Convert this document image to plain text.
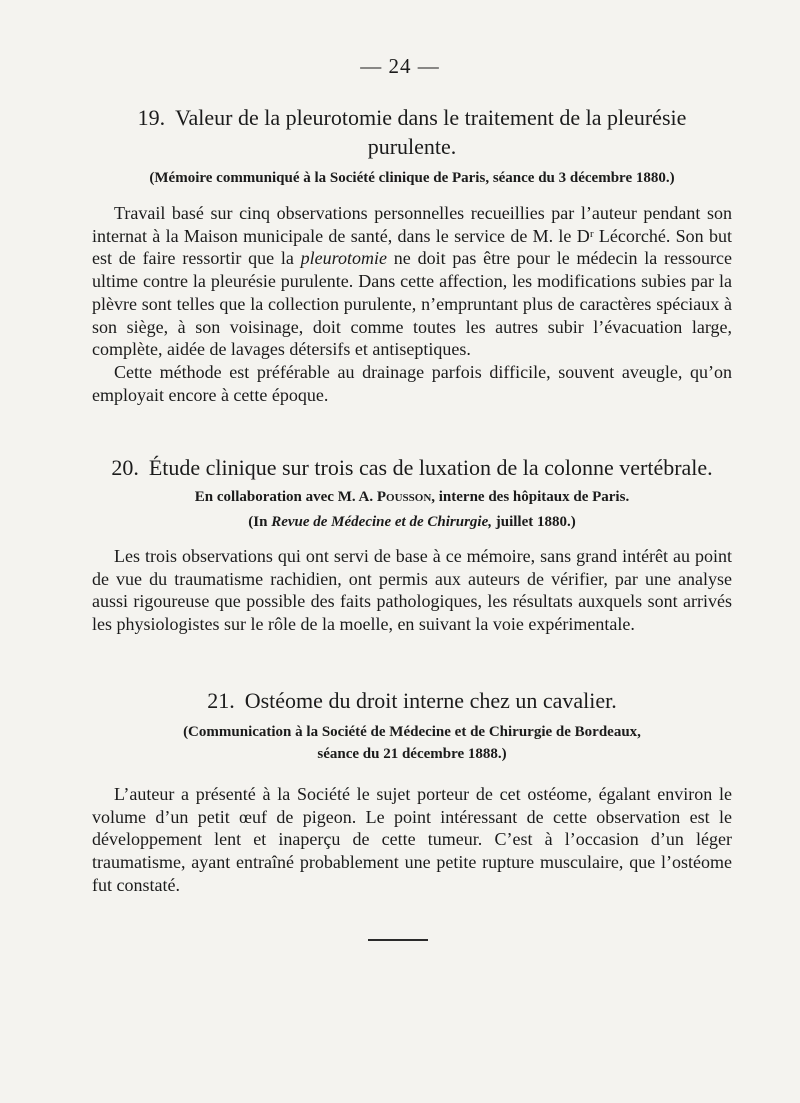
— 24 —
19. Valeur de la pleurotomie dans le traitement de la pleurésie purulente.

(Mémoire communiqué à la Société clinique de Paris, séance du 3 décembre 1880.)

Travail basé sur cinq observations personnelles recueillies par l’auteur pendant son internat à la Maison municipale de santé, dans le service de M. le Dʳ Lécorché. Son but est de faire ressortir que la pleurotomie ne doit pas être pour le médecin la ressource ultime contre la pleurésie purulente. Dans cette affection, les modifications subies par la plèvre sont telles que la collection purulente, n’empruntant plus de caractères spéciaux à son siège, à son voisinage, doit comme toutes les autres subir l’évacuation large, complète, aidée de lavages détersifs et antiseptiques.

Cette méthode est préférable au drainage parfois difficile, souvent aveugle, qu’on employait encore à cette époque.

20. Étude clinique sur trois cas de luxation de la colonne vertébrale.

En collaboration avec M. A. Pousson, interne des hôpitaux de Paris.

(In Revue de Médecine et de Chirurgie, juillet 1880.)

Les trois observations qui ont servi de base à ce mémoire, sans grand intérêt au point de vue du traumatisme rachidien, ont permis aux auteurs de vérifier, par une analyse aussi rigoureuse que possible des faits pathologiques, les résultats auxquels sont arrivés les physiologistes sur le rôle de la moelle, en suivant la voie expérimentale.

21. Ostéome du droit interne chez un cavalier.

(Communication à la Société de Médecine et de Chirurgie de Bordeaux,

séance du 21 décembre 1888.)

L’auteur a présenté à la Société le sujet porteur de cet ostéome, égalant environ le volume d’un petit œuf de pigeon. Le point intéressant de cette observation est le développement lent et inaperçu de cette tumeur. C’est à l’occasion d’un léger traumatisme, ayant entraîné probablement une petite rupture musculaire, que l’ostéome fut constaté.
